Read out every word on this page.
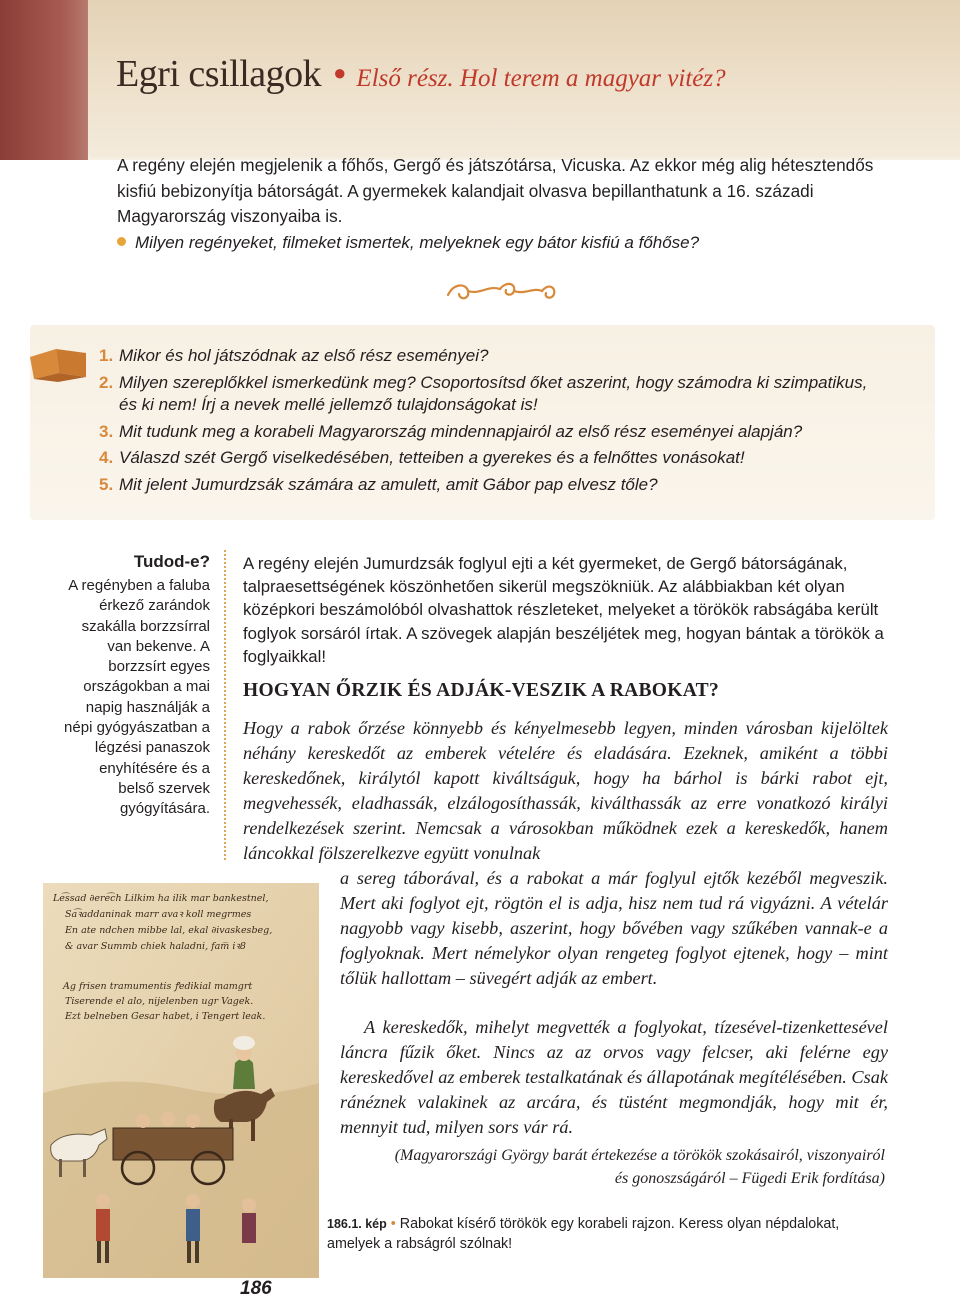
Egri csillagok ● Első rész. Hol terem a magyar vitéz?
A regény elején megjelenik a főhős, Gergő és játszótársa, Vicuska. Az ekkor még alig hétesztendős kisfiú bebizonyítja bátorságát. A gyermekek kalandjait olvasva bepillanthatunk a 16. századi Magyarország viszonyaiba is.
Milyen regényeket, filmeket ismertek, melyeknek egy bátor kisfiú a főhőse?
1. Mikor és hol játszódnak az első rész eseményei?
2. Milyen szereplőkkel ismerkedünk meg? Csoportosítsd őket aszerint, hogy számodra ki szimpatikus, és ki nem! Írj a nevek mellé jellemző tulajdonságokat is!
3. Mit tudunk meg a korabeli Magyarország mindennapjairól az első rész eseményei alapján?
4. Válaszd szét Gergő viselkedésében, tetteiben a gyerekes és a felnőttes vonásokat!
5. Mit jelent Jumurdzsák számára az amulett, amit Gábor pap elvesz tőle?
Tudod-e?
A regényben a faluba érkező zarándok szakálla borzzsírral van bekenve. A borzzsírt egyes országokban a mai napig használják a népi gyógyászatban a légzési panaszok enyhítésére és a belső szervek gyógyítására.
A regény elején Jumurdzsák foglyul ejti a két gyermeket, de Gergő bátorságának, talpraesettségének köszönhetően sikerül megszökniük. Az alábbiakban két olyan középkori beszámolóból olvashattok részleteket, melyeket a törökök rabságába került foglyok sorsáról írtak. A szövegek alapján beszéljétek meg, hogyan bántak a törökök a foglyaikkal!
HOGYAN ŐRZIK ÉS ADJÁK-VESZIK A RABOKAT?
Hogy a rabok őrzése könnyebb és kényelmesebb legyen, minden városban kijelöltek néhány kereskedőt az emberek vételére és eladására. Ezeknek, amiként a többi kereskedőnek, királytól kapott kiváltságuk, hogy ha bárhol is bárki rabot ejt, megvehessék, eladhassák, elzálogosíthassák, kiválthassák az erre vonatkozó királyi rendelkezések szerint. Nemcsak a városokban működnek ezek a kereskedők, hanem láncokkal fölszerelkezve együtt vonulnak
a sereg táborával, és a rabokat a már foglyul ejtők kezéből megveszik. Mert aki foglyot ejt, rögtön el is adja, hisz nem tud rá vigyázni. A vételár nagyobb vagy kisebb, aszerint, hogy bővében vagy szűkében vannak-e a foglyoknak. Mert némelykor olyan rengeteg foglyot ejtenek, hogy – mint tőlük hallottam – süvegért adják az embert.
A kereskedők, mihelyt megvették a foglyokat, tízesével-tizenkettesével láncra fűzik őket. Nincs az az orvos vagy felcser, aki felérne egy kereskedővel az emberek testalkatának és állapotának megítélésében. Csak ránéznek valakinek az arcára, és tüstént megmondják, hogy mit ér, mennyit tud, milyen sors vár rá.
(Magyarországi György barát értekezése a törökök szokásairól, viszonyairól és gonoszságáról – Fügedi Erik fordítása)
Le͡ssad ∂ere͡ch Lilkim ha ilik mar bankestnel,
Sa͡ꝛaddaninak marr avaꝛ koll megrmes
En ate ndchen mibbe lal, ekal ∂ivaskesbeg,
& avar Summb chiek haladni, fam̅ iꝛ8
Ag frisen tramumentis ꝭedikial mamgrt
Tiserende el alo, nijelenben ugr Vagek.
Ezt belneben Gesar habet, i Tengert leak.
186.1. kép • Rabokat kísérő törökök egy korabeli rajzon. Keress olyan népdalokat, amelyek a rabságról szólnak!
186
